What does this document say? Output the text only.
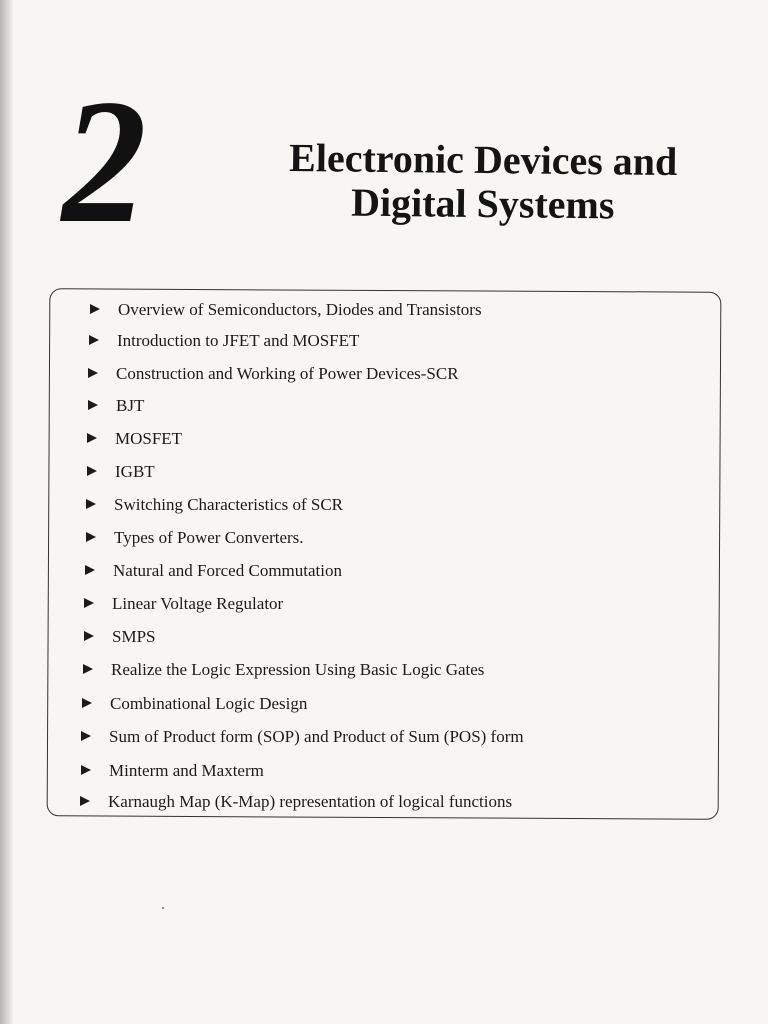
2	Electronic Devices and
Digital Systems
Overview of Semiconductors, Diodes and Transistors
Introduction to JFET and MOSFET
Construction and Working of Power Devices-SCR
BJT
MOSFET
IGBT
Switching Characteristics of SCR
Types of Power Converters.
Natural and Forced Commutation
Linear Voltage Regulator
SMPS
Realize the Logic Expression Using Basic Logic Gates
Combinational Logic Design
Sum of Product form (SOP) and Product of Sum (POS) form
Minterm and Maxterm
Karnaugh Map (K-Map) representation of logical functions
